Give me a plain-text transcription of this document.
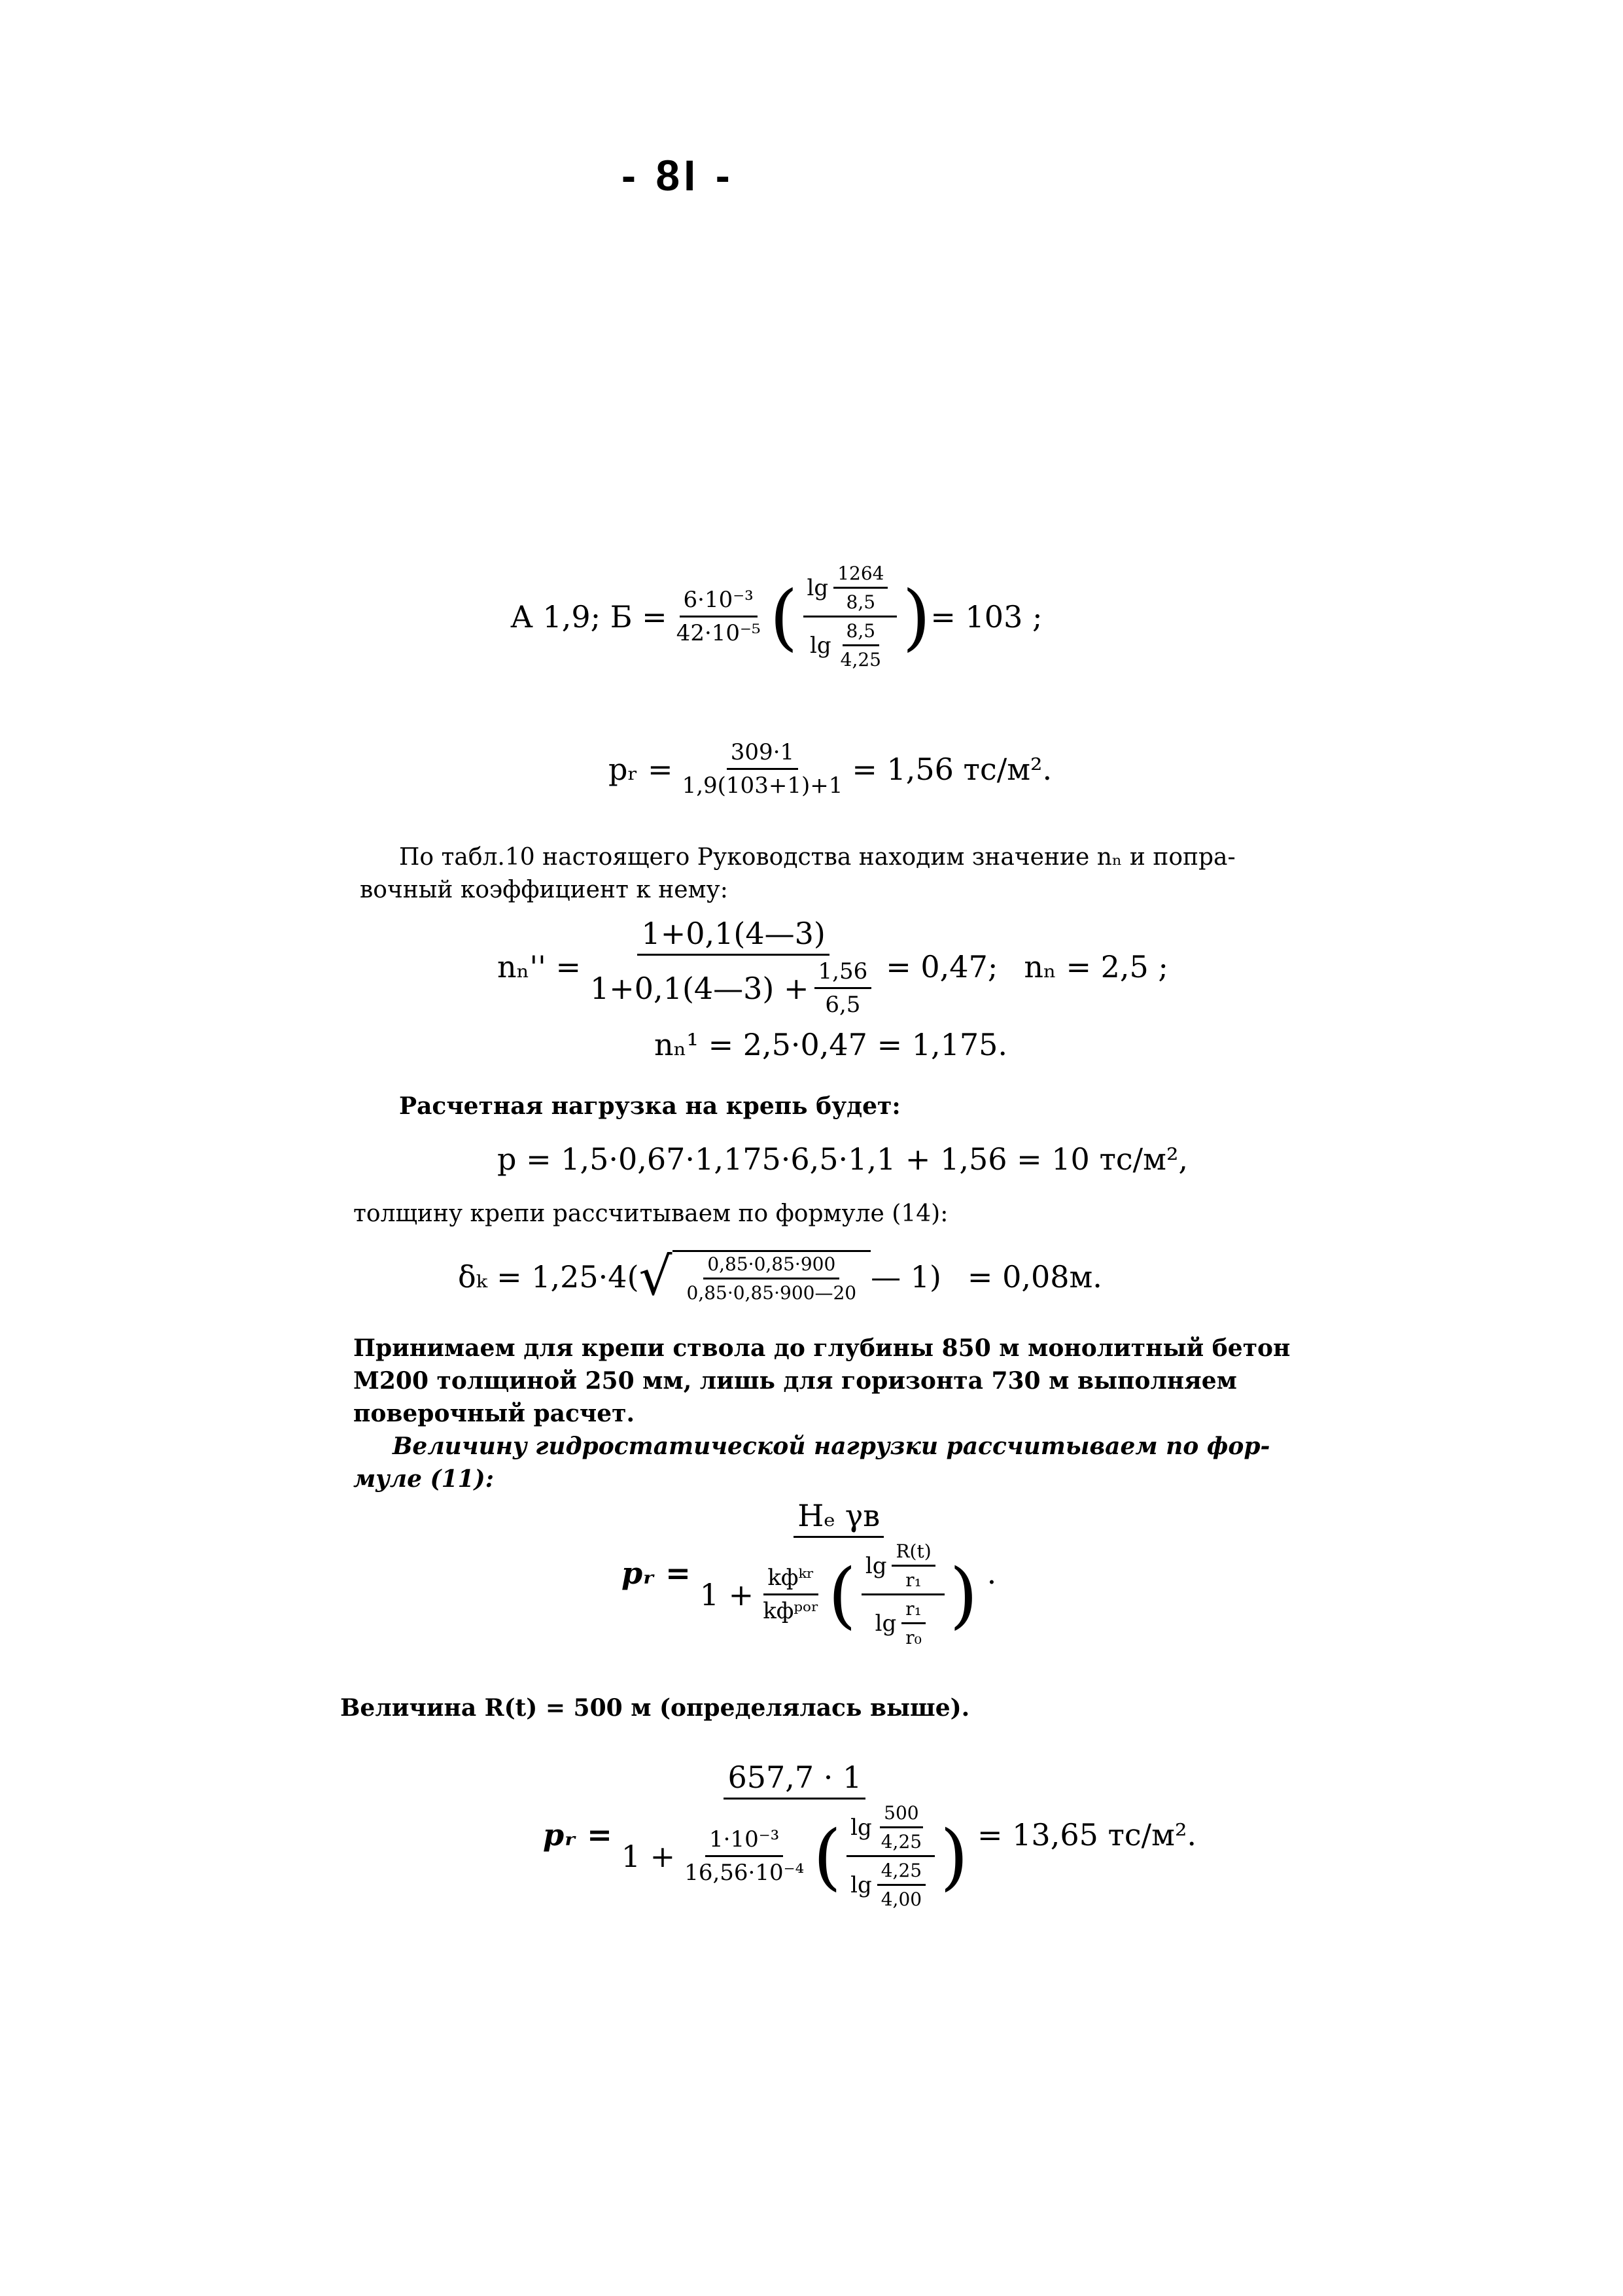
- 8I -
А 1,9; $Б = \frac{\text{6·10⁻³}}{\text{42·10⁻⁵}}$ ( $\frac{\lg \frac{1264}{8,5}}{\lg \frac{8,5}{4,25}}$ ) = 103 ;
pᵣ = $\frac{309\cdot 1}{1,9(103+1)+1} = 1,56$ тс/м².
По табл.10 настоящего Руководства находим значение nₙ и попра-
вочный коэффициент к нему:
$n_n'' = \frac{1+0,1(4—3)}{1+0,1(4—3) + \frac{1,56}{6,5}} = 0,47$; nₙ = 2,5 ;
nₙ¹ = 2,5·0,47 = 1,175.
Расчетная нагрузка на крепь будет:
p = 1,5·0,67·1,175·6,5·1,1 + 1,56 = 10 тс/м²,
толщину крепи рассчитываем по формуле (14):
δₖ = 1,25·4( √ $\frac{0,85\cdot 0,85\cdot 900}{0,85\cdot 0,85\cdot 900—20}$ — 1) = 0,08м.
Принимаем для крепи ствола до глубины 850 м монолитный бетон
М200 толщиной 250 мм, лишь для горизонта 730 м выполняем
поверочный расчет.
Величину гидростатической нагрузки рассчитываем по фор-
муле (11):
pᵣ =
Hₑ γв
$1 + \frac{\text{kфᵏʳ}}{\text{kфᵖᵒʳ}}$ ( $\frac{\lg \frac{R(t)}{\text{r₁}}}{\lg \frac{\text{r₁}}{\text{r₀}}}$ ) .
Величина R(t) = 500 м (определялась выше).
pᵣ =
657,7 · 1
$1 + \frac{\text{1·10⁻³}}{\text{16,56·10⁻⁴}}$ ( $\frac{\lg \frac{500}{4,25}}{\lg \frac{4,25}{4,00}}$ ) = 13,65 тс/м².
